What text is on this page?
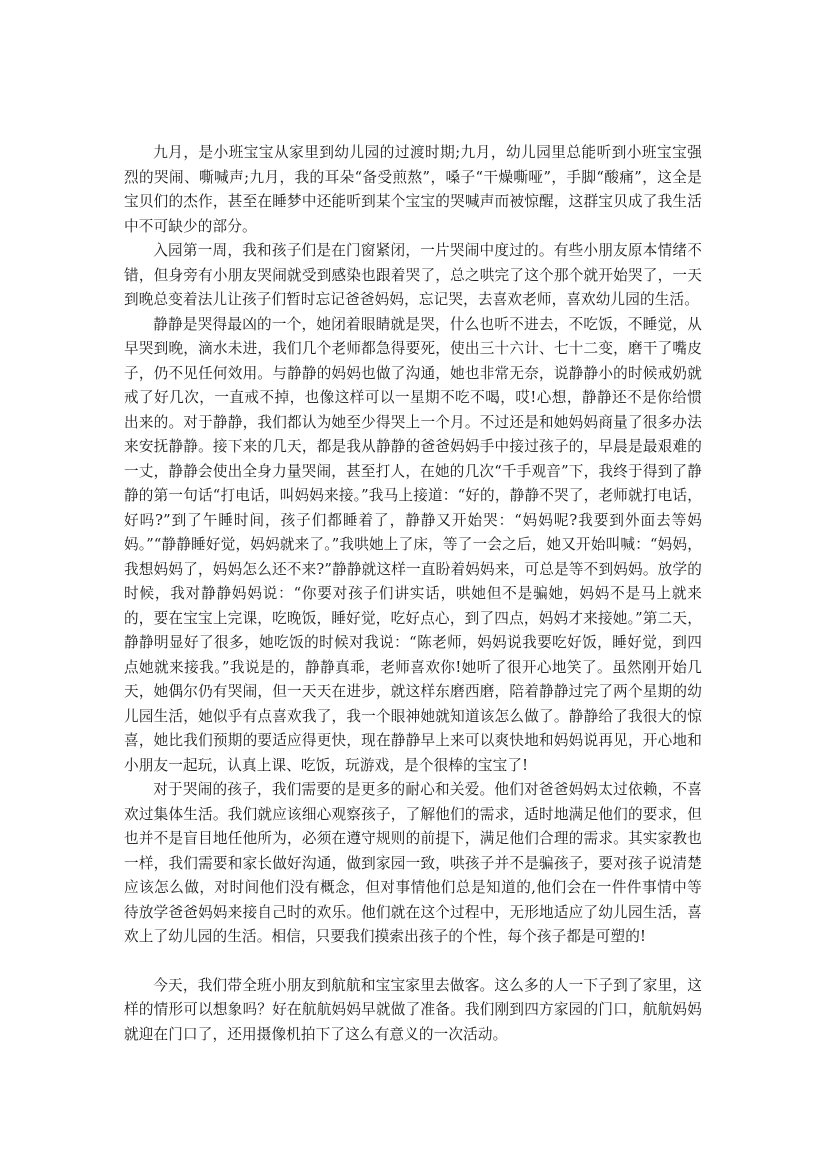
九月，是小班宝宝从家里到幼儿园的过渡时期;九月，幼儿园里总能听到小班宝宝强烈的哭闹、嘶喊声;九月，我的耳朵“备受煎熬”，嗓子“干燥嘶哑”，手脚“酸痛”，这全是宝贝们的杰作，甚至在睡梦中还能听到某个宝宝的哭喊声而被惊醒，这群宝贝成了我生活中不可缺少的部分。

入园第一周，我和孩子们是在门窗紧闭，一片哭闹中度过的。有些小朋友原本情绪不错，但身旁有小朋友哭闹就受到感染也跟着哭了，总之哄完了这个那个就开始哭了，一天到晚总变着法儿让孩子们暂时忘记爸爸妈妈，忘记哭，去喜欢老师，喜欢幼儿园的生活。

静静是哭得最凶的一个，她闭着眼睛就是哭，什么也听不进去，不吃饭，不睡觉，从早哭到晚，滴水未进，我们几个老师都急得要死，使出三十六计、七十二变，磨干了嘴皮子，仍不见任何效用。与静静的妈妈也做了沟通，她也非常无奈，说静静小的时候戒奶就戒了好几次，一直戒不掉，也像这样可以一星期不吃不喝，哎!心想，静静还不是你给惯出来的。对于静静，我们都认为她至少得哭上一个月。不过还是和她妈妈商量了很多办法来安抚静静。接下来的几天，都是我从静静的爸爸妈妈手中接过孩子的，早晨是最艰难的一丈，静静会使出全身力量哭闹，甚至打人，在她的几次“千手观音”下，我终于得到了静静的第一句话“打电话，叫妈妈来接。”我马上接道：“好的，静静不哭了，老师就打电话，好吗?”到了午睡时间，孩子们都睡着了，静静又开始哭：“妈妈呢?我要到外面去等妈妈。”“静静睡好觉，妈妈就来了。”我哄她上了床，等了一会之后，她又开始叫喊：“妈妈，我想妈妈了，妈妈怎么还不来?”静静就这样一直盼着妈妈来，可总是等不到妈妈。放学的时候，我对静静妈妈说：“你要对孩子们讲实话，哄她但不是骗她，妈妈不是马上就来的，要在宝宝上完课，吃晚饭，睡好觉，吃好点心，到了四点，妈妈才来接她。”第二天，静静明显好了很多，她吃饭的时候对我说：“陈老师，妈妈说我要吃好饭，睡好觉，到四点她就来接我。”我说是的，静静真乖，老师喜欢你!她听了很开心地笑了。虽然刚开始几天，她偶尔仍有哭闹，但一天天在进步，就这样东磨西磨，陪着静静过完了两个星期的幼儿园生活，她似乎有点喜欢我了，我一个眼神她就知道该怎么做了。静静给了我很大的惊喜，她比我们预期的要适应得更快，现在静静早上来可以爽快地和妈妈说再见，开心地和小朋友一起玩，认真上课、吃饭，玩游戏，是个很棒的宝宝了!

对于哭闹的孩子，我们需要的是更多的耐心和关爱。他们对爸爸妈妈太过依赖，不喜欢过集体生活。我们就应该细心观察孩子，了解他们的需求，适时地满足他们的要求，但也并不是盲目地任他所为，必须在遵守规则的前提下，满足他们合理的需求。其实家教也一样，我们需要和家长做好沟通，做到家园一致，哄孩子并不是骗孩子，要对孩子说清楚应该怎么做，对时间他们没有概念，但对事情他们总是知道的,他们会在一件件事情中等待放学爸爸妈妈来接自己时的欢乐。他们就在这个过程中，无形地适应了幼儿园生活，喜欢上了幼儿园的生活。相信，只要我们摸索出孩子的个性，每个孩子都是可塑的!

今天，我们带全班小朋友到航航和宝宝家里去做客。这么多的人一下子到了家里，这样的情形可以想象吗？好在航航妈妈早就做了准备。我们刚到四方家园的门口，航航妈妈就迎在门口了，还用摄像机拍下了这么有意义的一次活动。
